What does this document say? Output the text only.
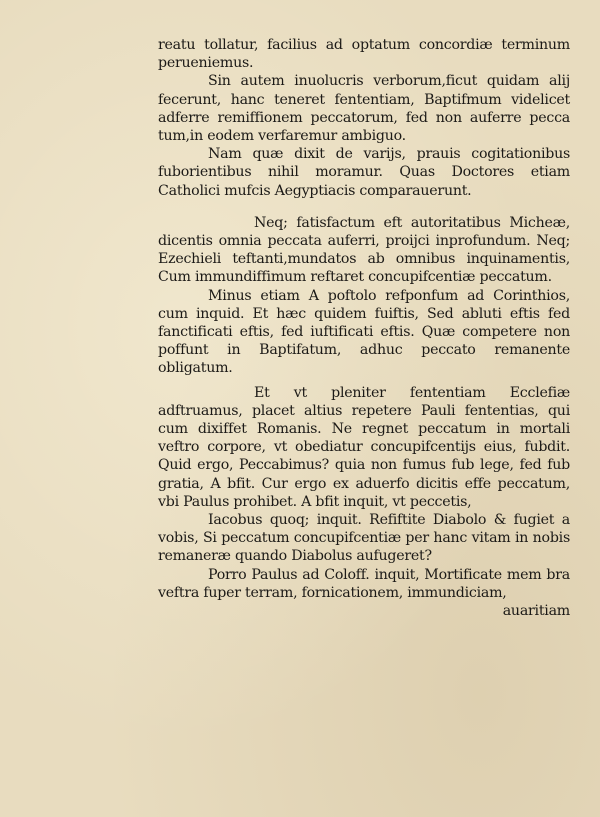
reatu tollatur, facilius ad optatum concordiæ terminum perueniemus.

Sin autem inuolucris verborum,ficut quidam alij fecerunt, hanc teneret fententiam, Baptifmum videlicet adferre remiffionem peccatorum, fed non auferre pecca tum,in eodem verfaremur ambiguo.

Nam quæ dixit de varijs, prauis cogitationibus fuborientibus nihil moramur. Quas Doctores etiam Catholici mufcis Aegyptiacis comparauerunt.

Neq; fatisfactum eft autoritatibus Micheæ, dicentis omnia peccata auferri, proijci inprofundum. Neq; Ezechieli teftanti,mundatos ab omnibus inquinamentis, Cum immundiffimum reftaret concupifcentiæ peccatum.

Minus etiam A poftolo refponfum ad Corinthios, cum inquid. Et hæc quidem fuiftis, Sed abluti eftis fed fanctificati eftis, fed iuftificati eftis. Quæ competere non poffunt in Baptifatum, adhuc peccato remanente obligatum.

Et vt pleniter fententiam Ecclefiæ adftruamus, placet altius repetere Pauli fententias, qui cum dixiffet Romanis. Ne regnet peccatum in mortali veftro corpore, vt obediatur concupifcentijs eius, fubdit. Quid ergo, Peccabimus? quia non fumus fub lege, fed fub gratia, A bfit. Cur ergo ex aduerfo dicitis effe peccatum, vbi Paulus prohibet. A bfit inquit, vt peccetis,

Iacobus quoq; inquit. Refiftite Diabolo & fugiet a vobis, Si peccatum concupifcentiæ per hanc vitam in nobis remaneræ quando Diabolus aufugeret?

Porro Paulus ad Coloff. inquit, Mortificate mem bra veftra fuper terram, fornicationem, immundiciam,

auaritiam
